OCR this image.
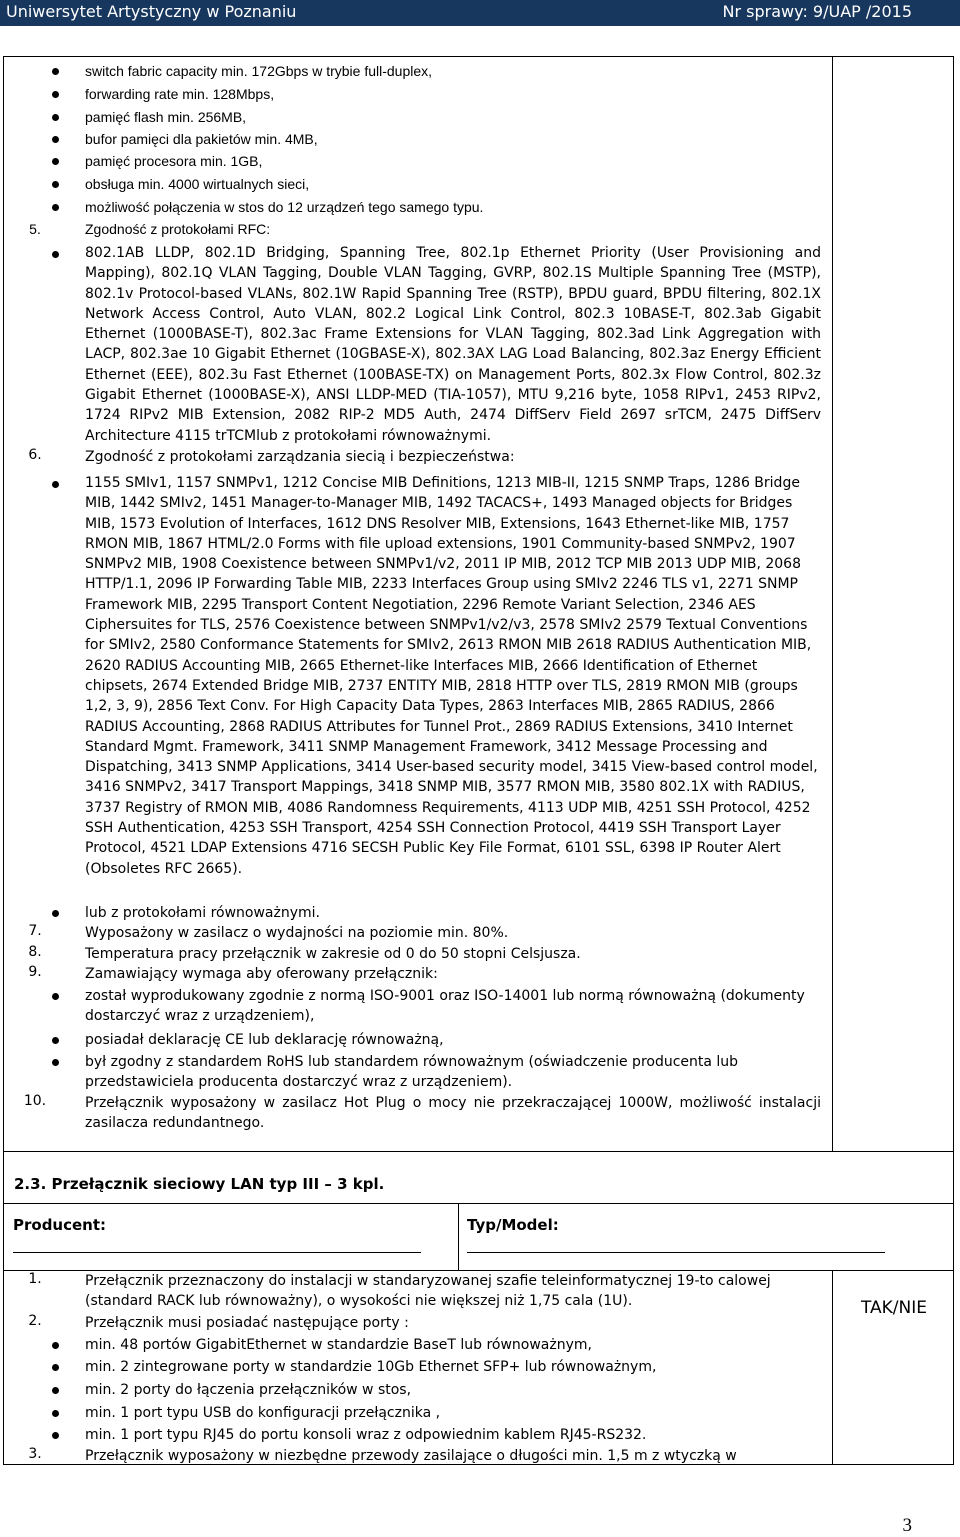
Uniwersytet Artystyczny w Poznaniu	Nr sprawy: 9/UAP /2015
switch fabric capacity min. 172Gbps w trybie full-duplex,
forwarding rate min. 128Mbps,
pamięć flash min. 256MB,
bufor pamięci dla pakietów min. 4MB,
pamięć procesora min. 1GB,
obsługa min. 4000 wirtualnych sieci,
możliwość połączenia w stos do 12 urządzeń tego samego typu.
5.	Zgodność z protokołami RFC:
802.1AB LLDP, 802.1D Bridging, Spanning Tree, 802.1p Ethernet Priority (User Provisioning and Mapping), 802.1Q VLAN Tagging, Double VLAN Tagging, GVRP, 802.1S Multiple Spanning Tree (MSTP), 802.1v Protocol-based VLANs, 802.1W Rapid Spanning Tree (RSTP), BPDU guard, BPDU filtering, 802.1X Network Access Control, Auto VLAN, 802.2 Logical Link Control, 802.3 10BASE-T, 802.3ab Gigabit Ethernet (1000BASE-T), 802.3ac Frame Extensions for VLAN Tagging, 802.3ad Link Aggregation with LACP, 802.3ae 10 Gigabit Ethernet (10GBASE-X), 802.3AX LAG Load Balancing, 802.3az Energy Efficient Ethernet (EEE), 802.3u Fast Ethernet (100BASE-TX) on Management Ports, 802.3x Flow Control, 802.3z Gigabit Ethernet (1000BASE-X), ANSI LLDP-MED (TIA-1057), MTU 9,216 byte, 1058 RIPv1, 2453 RIPv2, 1724 RIPv2 MIB Extension, 2082 RIP-2 MD5 Auth, 2474 DiffServ Field 2697 srTCM, 2475 DiffServ Architecture 4115 trTCMlub z protokołami równoważnymi.
6.	Zgodność z protokołami zarządzania siecią i bezpieczeństwa:
1155 SMIv1, 1157 SNMPv1, 1212 Concise MIB Definitions, 1213 MIB-II, 1215 SNMP Traps, 1286 Bridge MIB, 1442 SMIv2, 1451 Manager-to-Manager MIB, 1492 TACACS+, 1493 Managed objects for Bridges MIB, 1573 Evolution of Interfaces, 1612 DNS Resolver MIB, Extensions, 1643 Ethernet-like MIB, 1757 RMON MIB, 1867 HTML/2.0 Forms with file upload extensions, 1901 Community-based SNMPv2, 1907 SNMPv2 MIB, 1908 Coexistence between SNMPv1/v2, 2011 IP MIB, 2012 TCP MIB 2013 UDP MIB, 2068 HTTP/1.1, 2096 IP Forwarding Table MIB, 2233 Interfaces Group using SMIv2 2246 TLS v1, 2271 SNMP Framework MIB, 2295 Transport Content Negotiation, 2296 Remote Variant Selection, 2346 AES Ciphersuites for TLS, 2576 Coexistence between SNMPv1/v2/v3, 2578 SMIv2 2579 Textual Conventions for SMIv2, 2580 Conformance Statements for SMIv2, 2613 RMON MIB 2618 RADIUS Authentication MIB, 2620 RADIUS Accounting MIB, 2665 Ethernet-like Interfaces MIB, 2666 Identification of Ethernet chipsets, 2674 Extended Bridge MIB, 2737 ENTITY MIB, 2818 HTTP over TLS, 2819 RMON MIB (groups 1,2, 3, 9), 2856 Text Conv. For High Capacity Data Types, 2863 Interfaces MIB, 2865 RADIUS, 2866 RADIUS Accounting, 2868 RADIUS Attributes for Tunnel Prot., 2869 RADIUS Extensions, 3410 Internet Standard Mgmt. Framework, 3411 SNMP Management Framework, 3412 Message Processing and Dispatching, 3413 SNMP Applications, 3414 User-based security model, 3415 View-based control model, 3416 SNMPv2, 3417 Transport Mappings, 3418 SNMP MIB, 3577 RMON MIB, 3580 802.1X with RADIUS, 3737 Registry of RMON MIB, 4086 Randomness Requirements, 4113 UDP MIB, 4251 SSH Protocol, 4252 SSH Authentication, 4253 SSH Transport, 4254 SSH Connection Protocol, 4419 SSH Transport Layer Protocol, 4521 LDAP Extensions 4716 SECSH Public Key File Format, 6101 SSL, 6398 IP Router Alert (Obsoletes RFC 2665).
lub z protokołami równoważnymi.
7.	Wyposażony w zasilacz o wydajności na poziomie min. 80%.
8.	Temperatura pracy przełącznik w zakresie od 0 do 50 stopni Celsjusza.
9.	Zamawiający wymaga aby oferowany przełącznik:
został wyprodukowany zgodnie z normą ISO-9001 oraz ISO-14001 lub normą równoważną (dokumenty dostarczyć wraz z urządzeniem),
posiadał deklarację CE lub deklarację równoważną,
był zgodny z standardem RoHS lub standardem równoważnym (oświadczenie producenta lub przedstawiciela producenta dostarczyć wraz z urządzeniem).
10.	Przełącznik wyposażony w zasilacz Hot Plug o mocy nie przekraczającej 1000W, możliwość instalacji zasilacza redundantnego.
2.3. Przełącznik sieciowy LAN typ III – 3 kpl.
Producent:	Typ/Model:
1.	Przełącznik przeznaczony do instalacji w standaryzowanej szafie teleinformatycznej 19-to calowej (standard RACK lub równoważny), o wysokości nie większej niż 1,75 cala (1U).
2.	Przełącznik musi posiadać następujące porty :
min. 48 portów GigabitEthernet w standardzie BaseT lub równoważnym,
min. 2 zintegrowane porty w standardzie 10Gb Ethernet SFP+ lub równoważnym,
min. 2 porty do łączenia przełączników w stos,
min. 1 port typu USB do konfiguracji przełącznika ,
min. 1 port typu RJ45 do portu konsoli wraz z odpowiednim kablem RJ45-RS232.
3.	Przełącznik wyposażony w niezbędne przewody zasilające o długości min. 1,5 m z wtyczką w
TAK/NIE
3
